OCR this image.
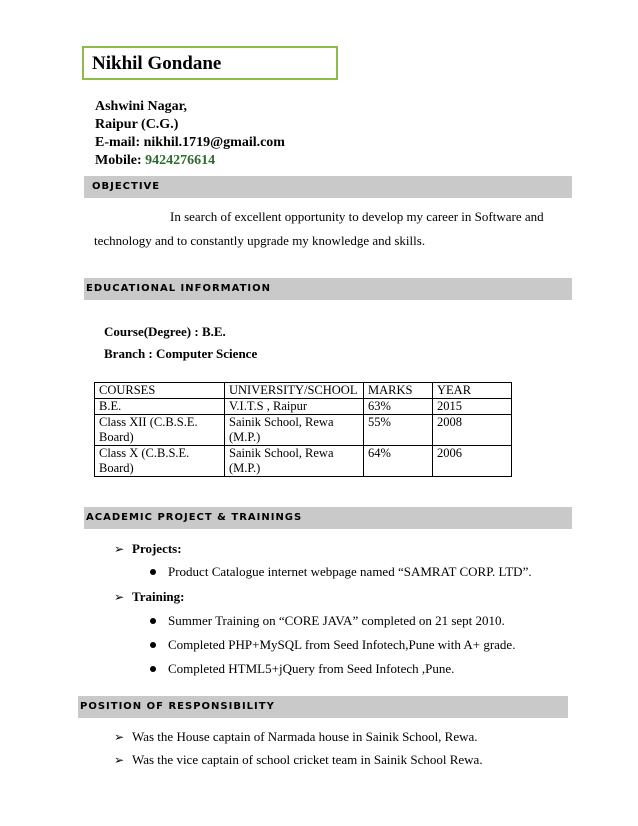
Nikhil Gondane
Ashwini Nagar,
Raipur (C.G.)
E-mail: nikhil.1719@gmail.com
Mobile: 9424276614
OBJECTIVE
In search of excellent opportunity to develop my career in Software and
technology and to constantly upgrade my knowledge and skills.
EDUCATIONAL INFORMATION
Course(Degree) : B.E.
Branch : Computer Science
COURSES	UNIVERSITY/SCHOOL	MARKS	YEAR
B.E.	V.I.T.S , Raipur	63%	2015
Class XII (C.B.S.E. Board)	Sainik School, Rewa (M.P.)	55%	2008
Class X (C.B.S.E. Board)	Sainik School, Rewa (M.P.)	64%	2006
ACADEMIC PROJECT & TRAININGS
➢ Projects:
Product Catalogue internet webpage named “SAMRAT CORP. LTD”.
➢ Training:
Summer Training on “CORE JAVA” completed on 21 sept 2010.
Completed PHP+MySQL from Seed Infotech,Pune with A+ grade.
Completed HTML5+jQuery from Seed Infotech ,Pune.
POSITION OF RESPONSIBILITY
➢ Was the House captain of Narmada house in Sainik School, Rewa.
➢ Was the vice captain of school cricket team in Sainik School Rewa.
